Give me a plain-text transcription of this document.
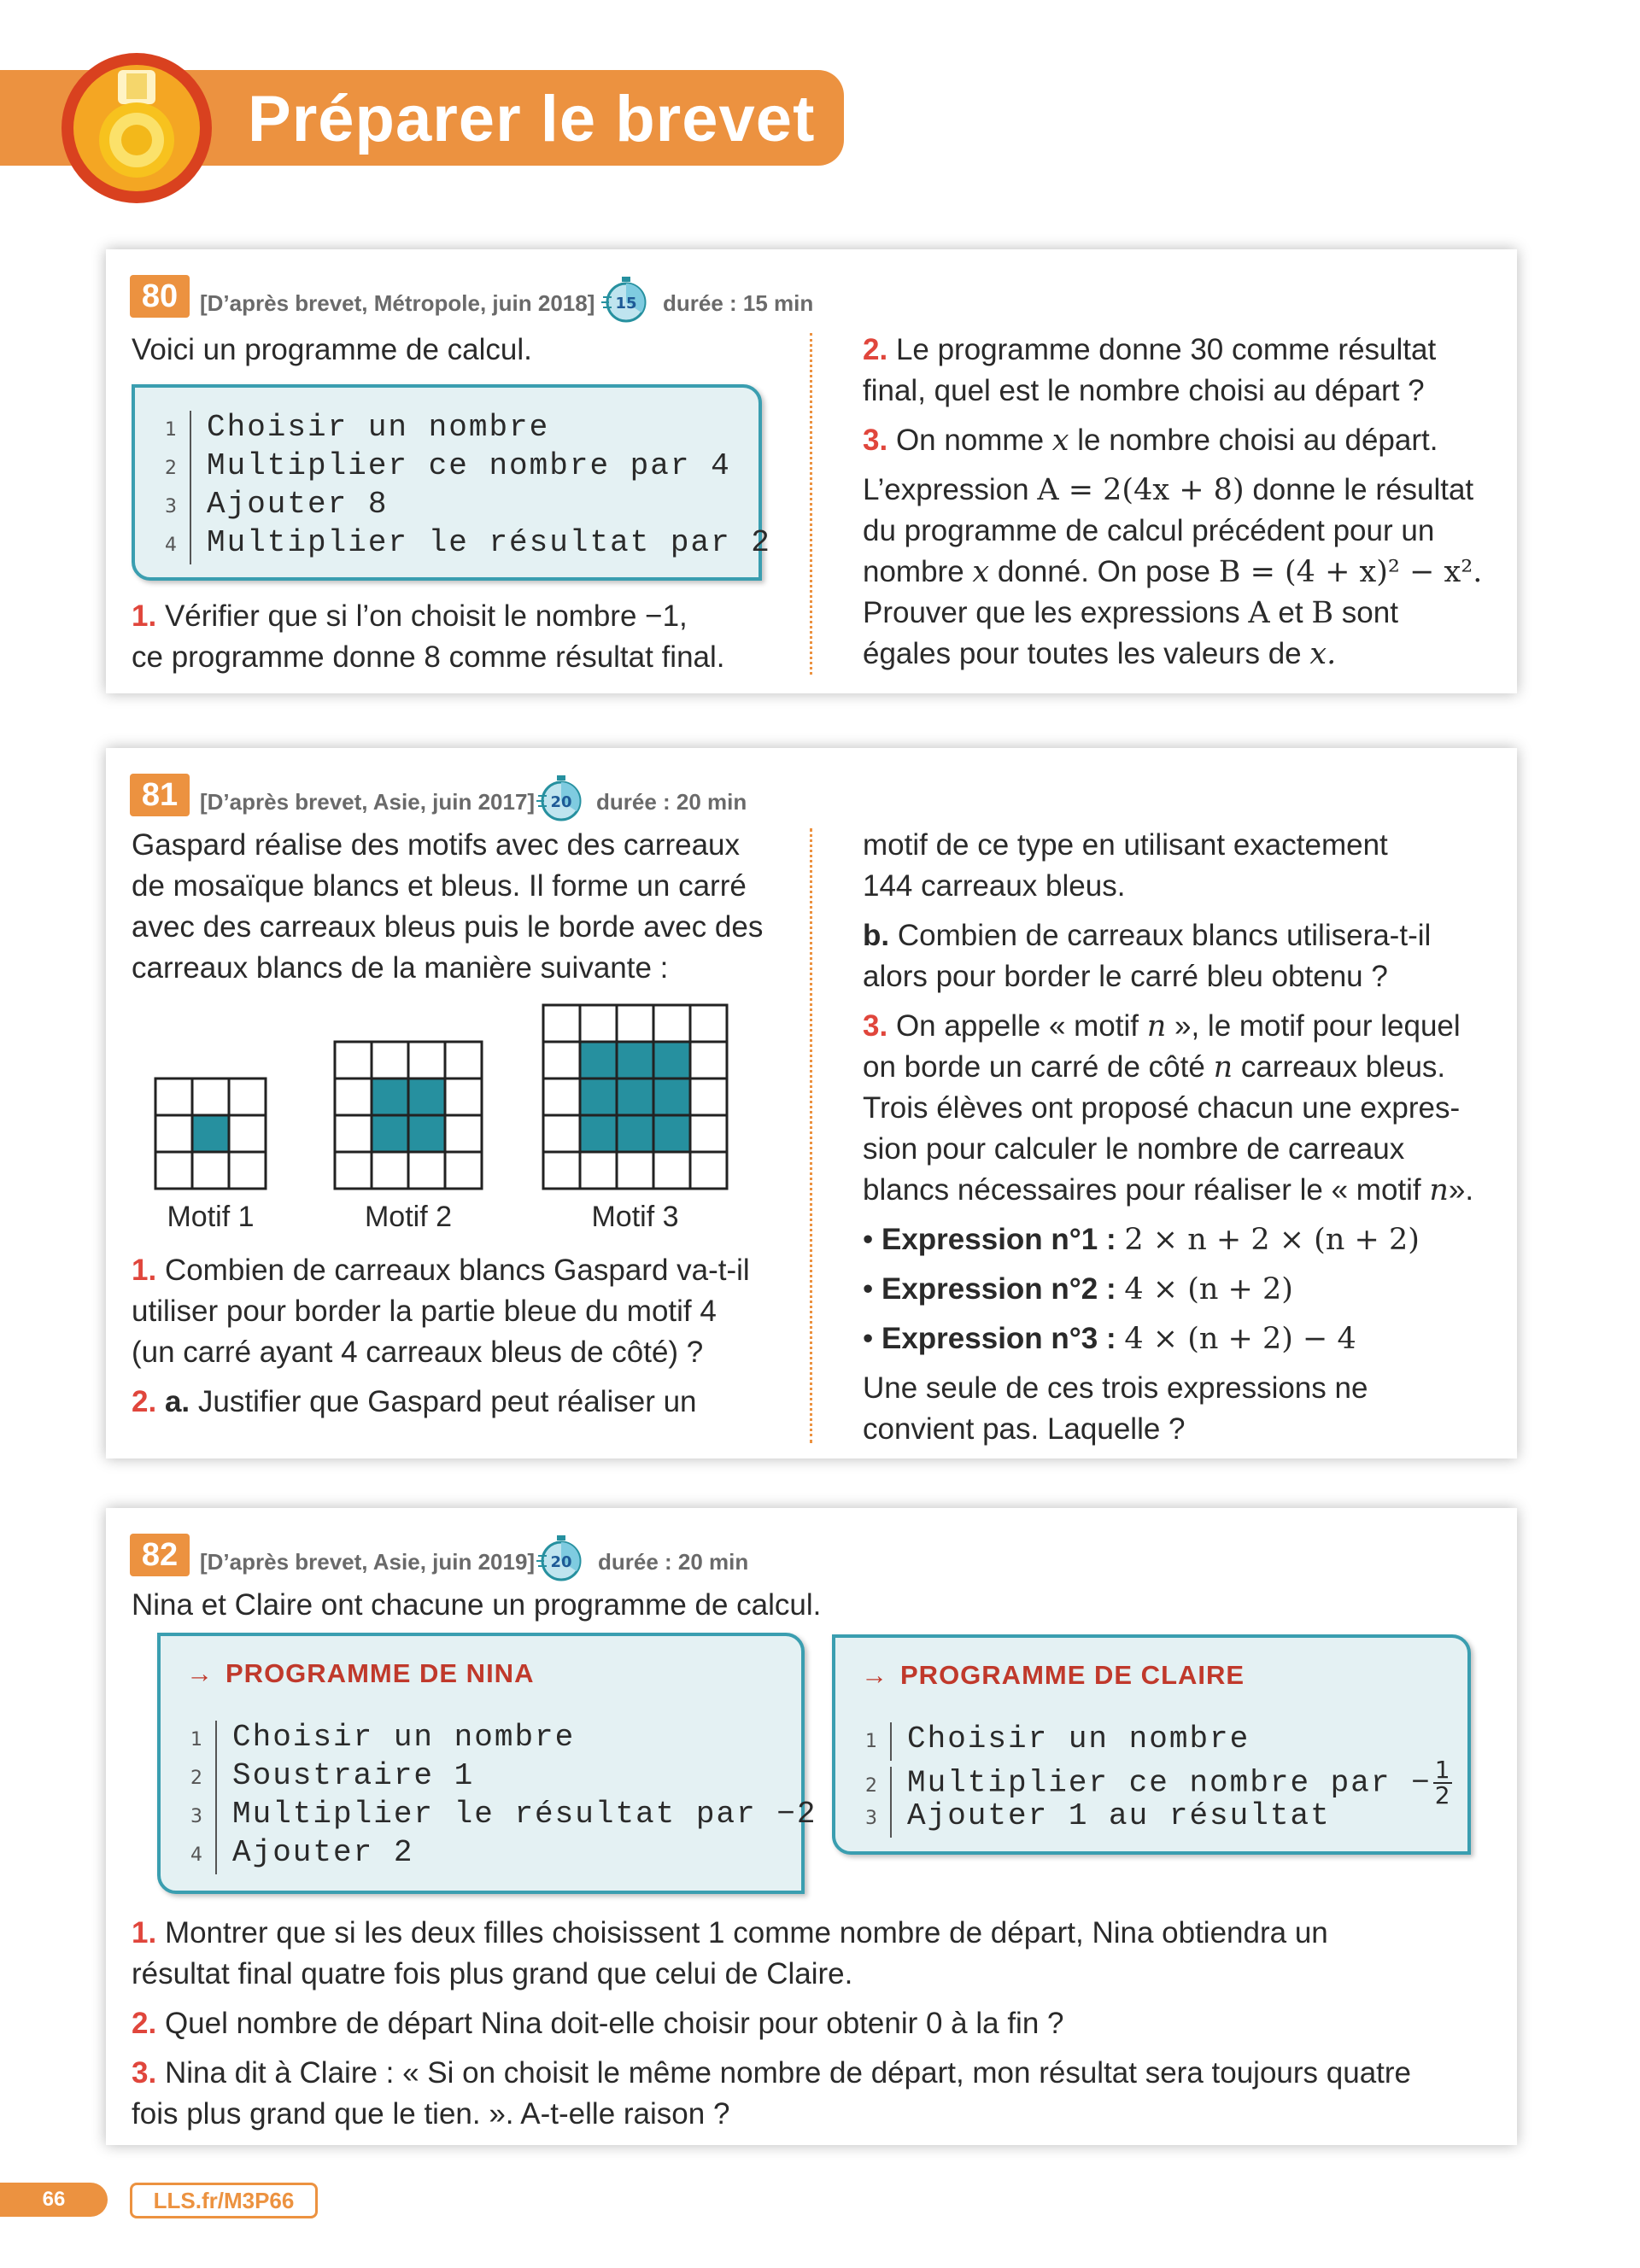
Préparer le brevet
80 [D’après brevet, Métropole, juin 2018] 15 durée : 15 min
Voici un programme de calcul.
1 Choisir un nombre
2 Multiplier ce nombre par 4
3 Ajouter 8
4 Multiplier le résultat par 2

1. Vérifier que si l’on choisit le nombre −1,

ce programme donne 8 comme résultat final.

2. Le programme donne 30 comme résultat

final, quel est le nombre choisi au départ ?

3. On nomme x le nombre choisi au départ.

L’expression A = 2(4x + 8) donne le résultat

du programme de calcul précédent pour un

nombre x donné. On pose B = (4 + x)² − x².

Prouver que les expressions A et B sont

égales pour toutes les valeurs de x.

81 [D’après brevet, Asie, juin 2017] 20 durée : 20 min

Gaspard réalise des motifs avec des carreaux

de mosaïque blancs et bleus. Il forme un carré

avec des carreaux bleus puis le borde avec des

carreaux blancs de la manière suivante :

Motif 1	Motif 2	Motif 3

1. Combien de carreaux blancs Gaspard va-t-il

utiliser pour border la partie bleue du motif 4

(un carré ayant 4 carreaux bleus de côté) ?

2. a. Justifier que Gaspard peut réaliser un

motif de ce type en utilisant exactement

144 carreaux bleus.

b. Combien de carreaux blancs utilisera-t-il

alors pour border le carré bleu obtenu ?

3. On appelle « motif n », le motif pour lequel

on borde un carré de côté n carreaux bleus.

Trois élèves ont proposé chacun une expres-

sion pour calculer le nombre de carreaux

blancs nécessaires pour réaliser le « motif n».

• Expression n°1 : 2 × n + 2 × (n + 2)

• Expression n°2 : 4 × (n + 2)

• Expression n°3 : 4 × (n + 2) − 4

Une seule de ces trois expressions ne

convient pas. Laquelle ?

82 [D’après brevet, Asie, juin 2019] 20 durée : 20 min
Nina et Claire ont chacune un programme de calcul.
→ PROGRAMME DE NINA
1 Choisir un nombre
2 Soustraire 1
3 Multiplier le résultat par −2
4 Ajouter 2
→ PROGRAMME DE CLAIRE
1 Choisir un nombre
2 Multiplier ce nombre par − $\frac{1}{2}$
3 Ajouter 1 au résultat

1. Montrer que si les deux filles choisissent 1 comme nombre de départ, Nina obtiendra un

résultat final quatre fois plus grand que celui de Claire.

2. Quel nombre de départ Nina doit-elle choisir pour obtenir 0 à la fin ?

3. Nina dit à Claire : « Si on choisit le même nombre de départ, mon résultat sera toujours quatre

fois plus grand que le tien. ». A-t-elle raison ?

66	LLS.fr/M3P66
